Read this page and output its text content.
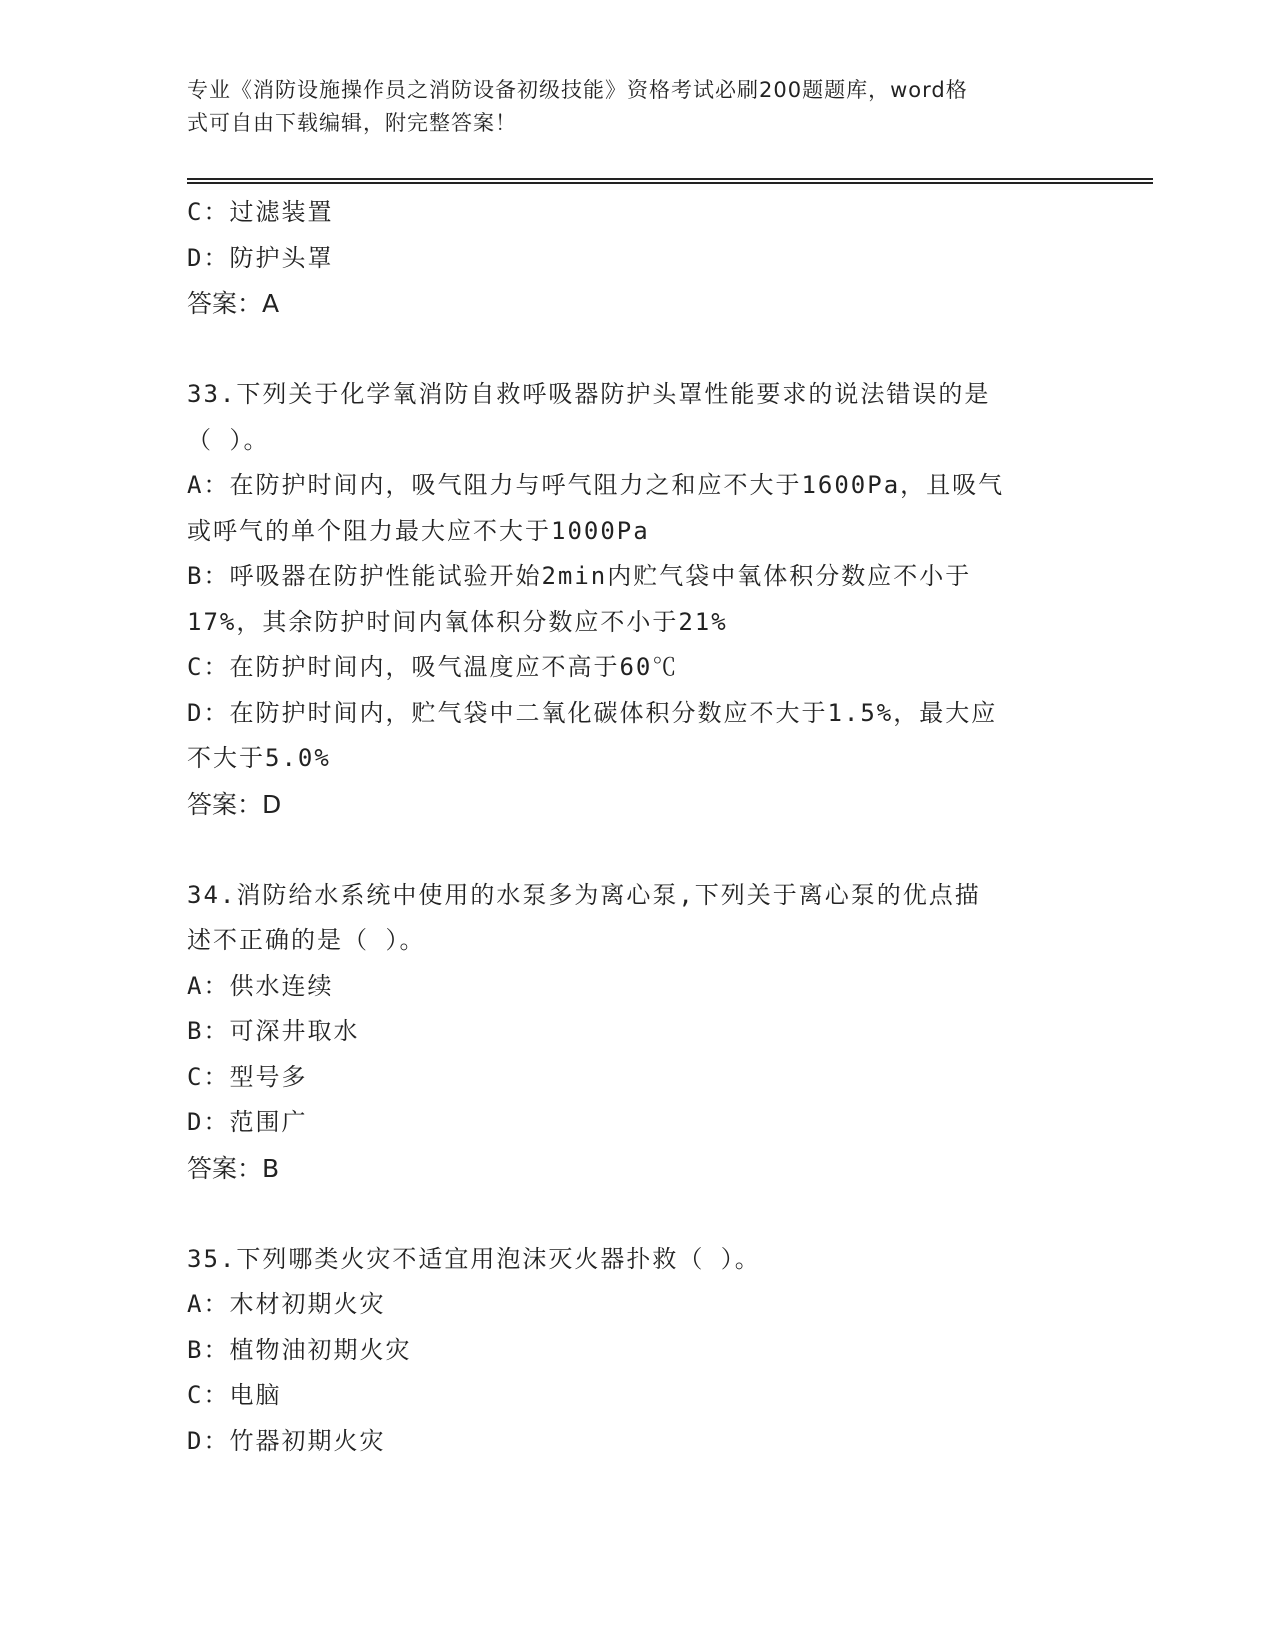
专业《消防设施操作员之消防设备初级技能》资格考试必刷200题题库，word格
式可自由下载编辑，附完整答案！
C：过滤装置
D：防护头罩
答案：A
33.下列关于化学氧消防自救呼吸器防护头罩性能要求的说法错误的是
（ ）。
A：在防护时间内，吸气阻力与呼气阻力之和应不大于1600Pa，且吸气
或呼气的单个阻力最大应不大于1000Pa
B：呼吸器在防护性能试验开始2min内贮气袋中氧体积分数应不小于
17%，其余防护时间内氧体积分数应不小于21%
C：在防护时间内，吸气温度应不高于60℃
D：在防护时间内，贮气袋中二氧化碳体积分数应不大于1.5%，最大应
不大于5.0%
答案：D
34.消防给水系统中使用的水泵多为离心泵,下列关于离心泵的优点描
述不正确的是（ ）。
A：供水连续
B：可深井取水
C：型号多
D：范围广
答案：B
35.下列哪类火灾不适宜用泡沫灭火器扑救（ ）。
A：木材初期火灾
B：植物油初期火灾
C：电脑
D：竹器初期火灾
